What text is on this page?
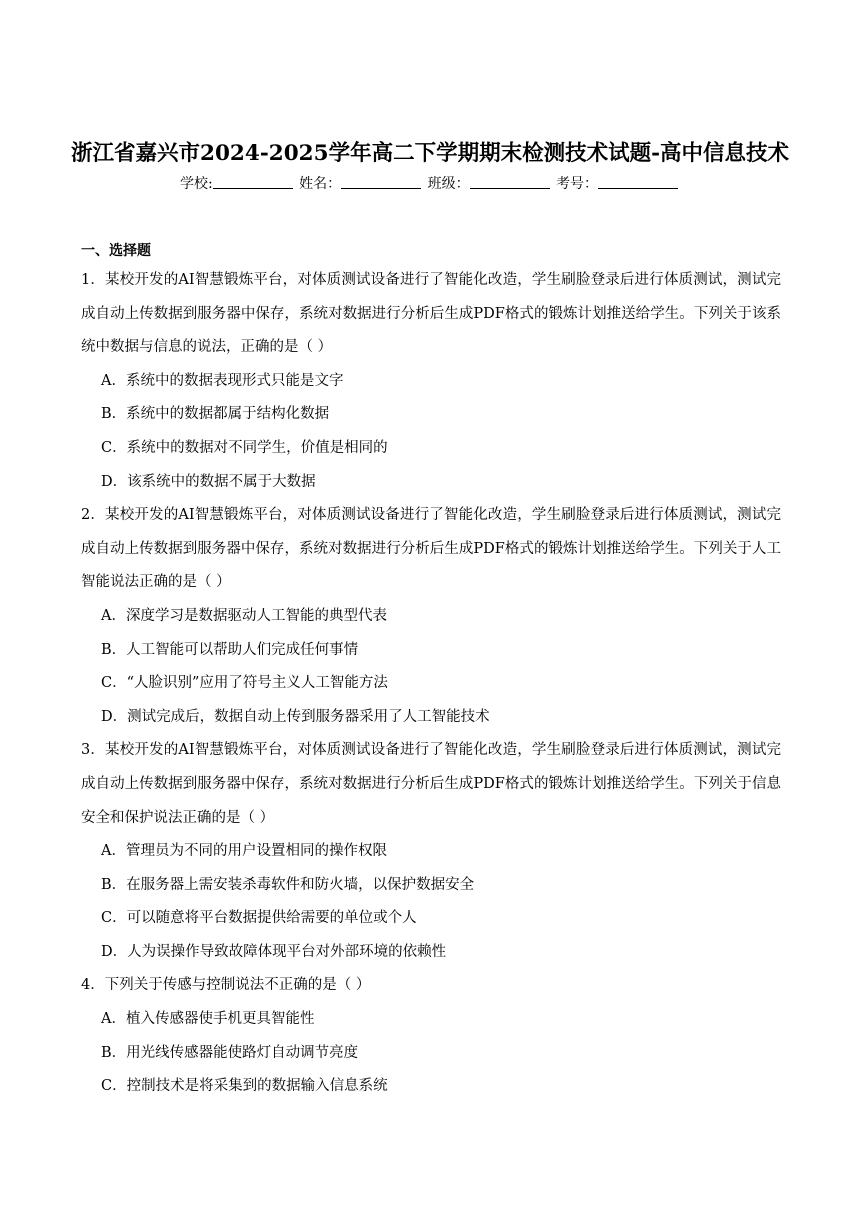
浙江省嘉兴市2024-2025学年高二下学期期末检测技术试题-高中信息技术
学校:	姓名：	班级：	考号：
一、选择题

1．某校开发的AI智慧锻炼平台，对体质测试设备进行了智能化改造，学生刷脸登录后进行体质测试，测试完成自动上传数据到服务器中保存，系统对数据进行分析后生成PDF格式的锻炼计划推送给学生。下列关于该系统中数据与信息的说法，正确的是（ ）

A．系统中的数据表现形式只能是文字

B．系统中的数据都属于结构化数据

C．系统中的数据对不同学生，价值是相同的

D．该系统中的数据不属于大数据

2．某校开发的AI智慧锻炼平台，对体质测试设备进行了智能化改造，学生刷脸登录后进行体质测试，测试完成自动上传数据到服务器中保存，系统对数据进行分析后生成PDF格式的锻炼计划推送给学生。下列关于人工智能说法正确的是（ ）

A．深度学习是数据驱动人工智能的典型代表

B．人工智能可以帮助人们完成任何事情

C．“人脸识别”应用了符号主义人工智能方法

D．测试完成后，数据自动上传到服务器采用了人工智能技术

3．某校开发的AI智慧锻炼平台，对体质测试设备进行了智能化改造，学生刷脸登录后进行体质测试，测试完成自动上传数据到服务器中保存，系统对数据进行分析后生成PDF格式的锻炼计划推送给学生。下列关于信息安全和保护说法正确的是（ ）

A．管理员为不同的用户设置相同的操作权限

B．在服务器上需安装杀毒软件和防火墙，以保护数据安全

C．可以随意将平台数据提供给需要的单位或个人

D．人为误操作导致故障体现平台对外部环境的依赖性

4．下列关于传感与控制说法不正确的是（ ）

A．植入传感器使手机更具智能性

B．用光线传感器能使路灯自动调节亮度

C．控制技术是将采集到的数据输入信息系统
